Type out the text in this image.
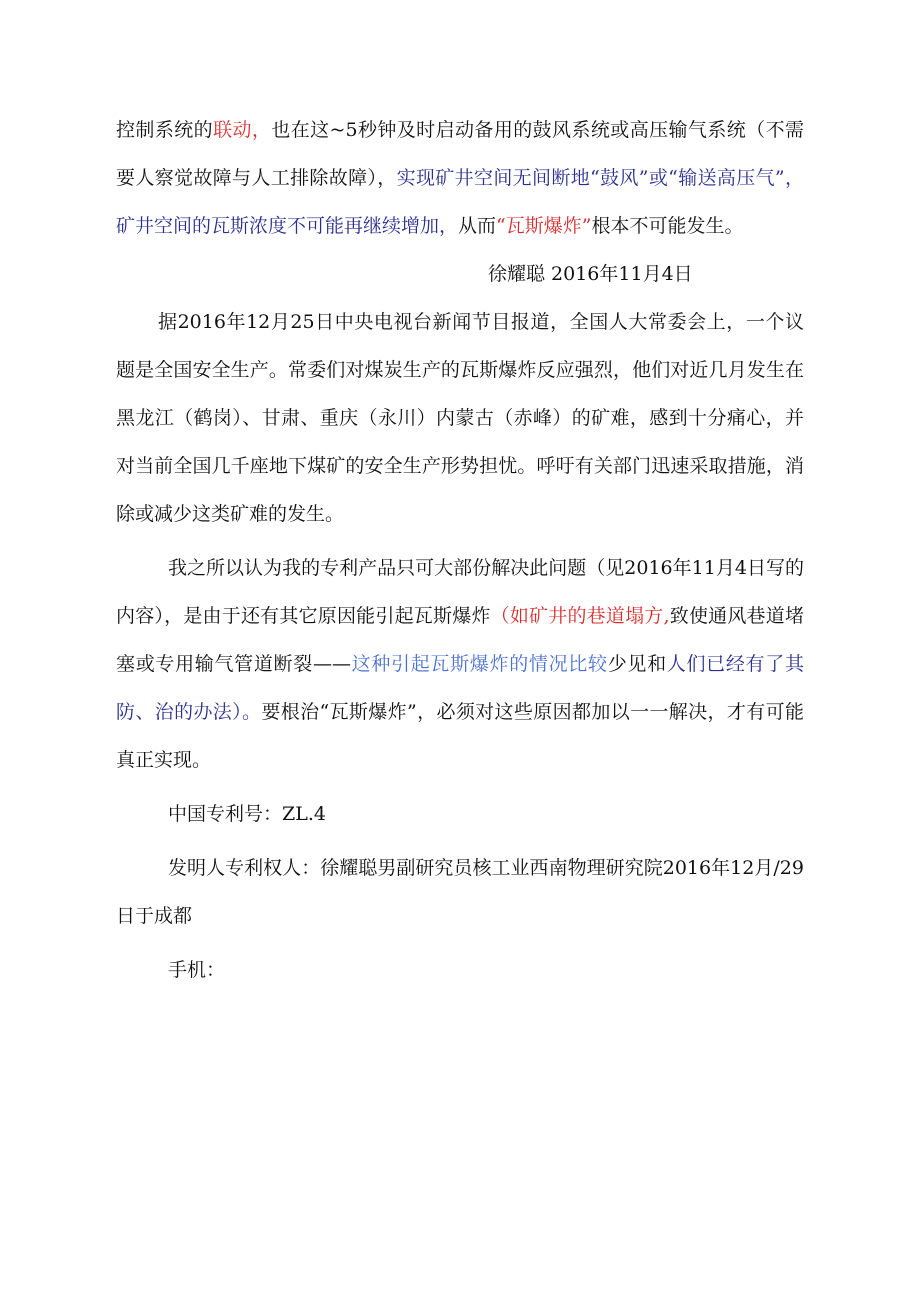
控制系统的联动，也在这~5秒钟及时启动备用的鼓风系统或高压输气系统（不需要人察觉故障与人工排除故障），实现矿井空间无间断地“鼓风”或“输送高压气”，矿井空间的瓦斯浓度不可能再继续增加，从而“瓦斯爆炸”根本不可能发生。

徐耀聪 2016年11月4日

据2016年12月25日中央电视台新闻节目报道，全国人大常委会上，一个议题是全国安全生产。常委们对煤炭生产的瓦斯爆炸反应强烈，他们对近几月发生在黑龙江（鹤岗）、甘肃、重庆（永川）内蒙古（赤峰）的矿难，感到十分痛心，并对当前全国几千座地下煤矿的安全生产形势担忧。呼吁有关部门迅速采取措施，消除或减少这类矿难的发生。

我之所以认为我的专利产品只可大部份解决此问题（见2016年11月4日写的内容），是由于还有其它原因能引起瓦斯爆炸（如矿井的巷道塌方,致使通风巷道堵塞或专用输气管道断裂——这种引起瓦斯爆炸的情况比较少见和人们已经有了其防、治的办法）。要根治“瓦斯爆炸”，必须对这些原因都加以一一解决，才有可能真正实现。

中国专利号：ZL.4

发明人专利权人：徐耀聪男副研究员核工业西南物理研究院2016年12月/29日于成都

手机：
